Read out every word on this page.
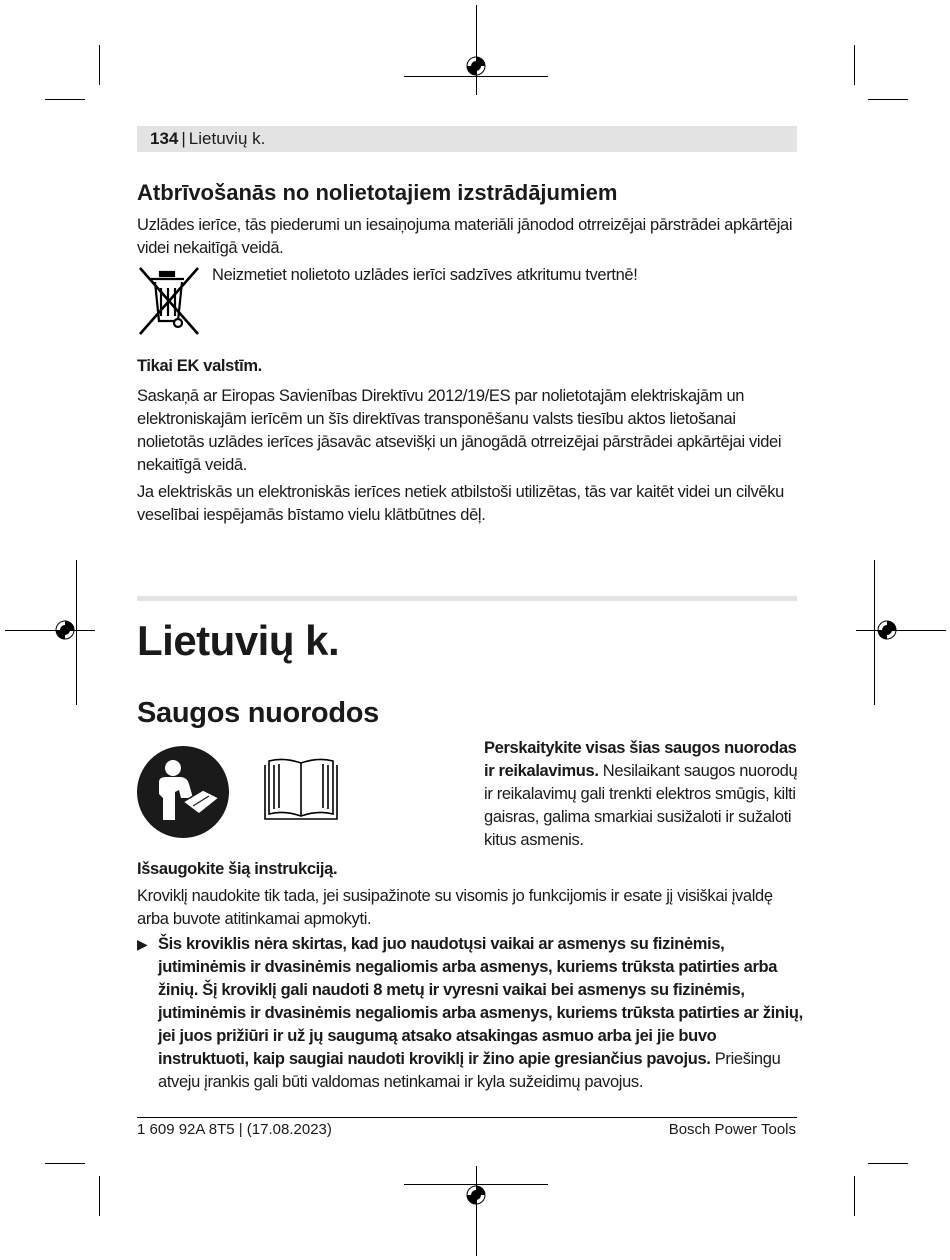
134 | Lietuvių k.
Atbrīvošanās no nolietotajiem izstrādājumiem
Uzlādes ierīce, tās piederumi un iesaiņojuma materiāli jānodod otrreizējai pārstrādei apkārtējai videi nekaitīgā veidā.
Neizmetiet nolietoto uzlādes ierīci sadzīves atkritumu tvertnē!
Tikai EK valstīm.
Saskaņā ar Eiropas Savienības Direktīvu 2012/19/ES par nolietotajām elektriskajām un elektroniskajām ierīcēm un šīs direktīvas transponēšanu valsts tiesību aktos lietošanai nolietotās uzlādes ierīces jāsavāc atsevišķi un jānogādā otrreizējai pārstrādei apkārtējai videi nekaitīgā veidā.
Ja elektriskās un elektroniskās ierīces netiek atbilstoši utilizētas, tās var kaitēt videi un cilvēku veselībai iespējamās bīstamo vielu klātbūtnes dēļ.
Lietuvių k.
Saugos nuorodos
Perskaitykite visas šias saugos nuorodas ir reikalavimus. Nesilaikant saugos nuorodų ir reikalavimų gali trenkti elektros smūgis, kilti gaisras, galima smarkiai susižaloti ir sužaloti kitus asmenis.
Išsaugokite šią instrukciją.
Kroviklį naudokite tik tada, jei susipažinote su visomis jo funkcijomis ir esate jį visiškai įvaldę arba buvote atitinkamai apmokyti.
▶ Šis kroviklis nėra skirtas, kad juo naudotųsi vaikai ar asmenys su fizinėmis, jutiminėmis ir dvasinėmis negaliomis arba asmenys, kuriems trūksta patirties arba žinių. Šį kroviklį gali naudoti 8 metų ir vyresni vaikai bei asmenys su fizinėmis, jutiminėmis ir dvasinėmis negaliomis arba asmenys, kuriems trūksta patirties ar žinių, jei juos prižiūri ir už jų saugumą atsako atsakingas asmuo arba jei jie buvo instruktuoti, kaip saugiai naudoti kroviklį ir žino apie gresiančius pavojus. Priešingu atveju įrankis gali būti valdomas netinkamai ir kyla sužeidimų pavojus.
1 609 92A 8T5 | (17.08.2023)	Bosch Power Tools
